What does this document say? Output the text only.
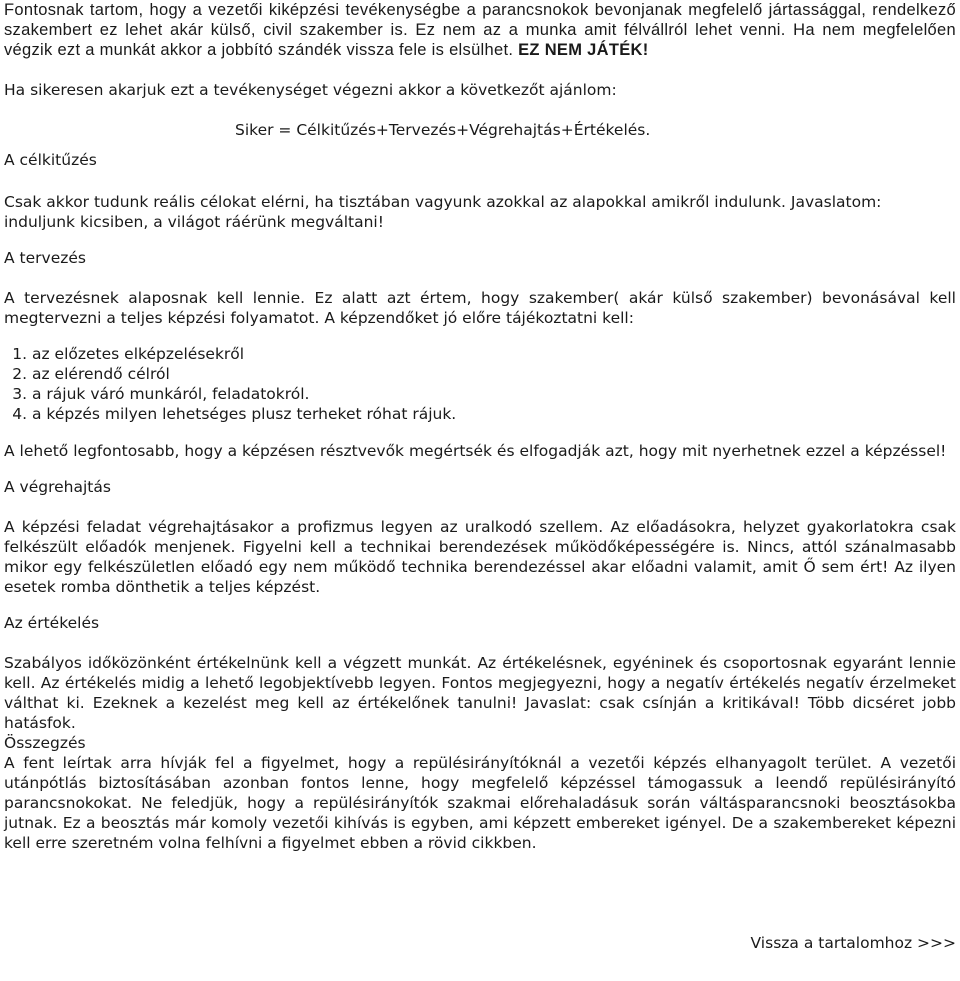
Fontosnak tartom, hogy a vezetői kiképzési tevékenységbe a parancsnokok bevonjanak megfelelő jártassággal, rendelkező szakembert ez lehet akár külső, civil szakember is. Ez nem az a munka amit félvállról lehet venni. Ha nem megfelelően végzik ezt a munkát akkor a jobbító szándék vissza fele is elsülhet. EZ NEM JÁTÉK!

Ha sikeresen akarjuk ezt a tevékenységet végezni akkor a következőt ajánlom:

Siker = Célkitűzés+Tervezés+Végrehajtás+Értékelés.

A célkitűzés

Csak akkor tudunk reális célokat elérni, ha tisztában vagyunk azokkal az alapokkal amikről indulunk. Javaslatom: induljunk kicsiben, a világot ráérünk megváltani!

A tervezés

A tervezésnek alaposnak kell lennie. Ez alatt azt értem, hogy szakember( akár külső szakember) bevonásával kell megtervezni a teljes képzési folyamatot. A képzendőket jó előre tájékoztatni kell:

1. az előzetes elképzelésekről
2. az elérendő célról
3. a rájuk váró munkáról, feladatokról.
4. a képzés milyen lehetséges plusz terheket róhat rájuk.

A lehető legfontosabb, hogy a képzésen résztvevők megértsék és elfogadják azt, hogy mit nyerhetnek ezzel a képzéssel!

A végrehajtás

A képzési feladat végrehajtásakor a profizmus legyen az uralkodó szellem. Az előadásokra, helyzet gyakorlatokra csak felkészült előadók menjenek. Figyelni kell a technikai berendezések működőképességére is. Nincs, attól szánalmasabb mikor egy felkészületlen előadó egy nem működő technika berendezéssel akar előadni valamit, amit Ő sem ért! Az ilyen esetek romba dönthetik a teljes képzést.

Az értékelés

Szabályos időközönként értékelnünk kell a végzett munkát. Az értékelésnek, egyéninek és csoportosnak egyaránt lennie kell. Az értékelés midig a lehető legobjektívebb legyen. Fontos megjegyezni, hogy a negatív értékelés negatív érzelmeket válthat ki. Ezeknek a kezelést meg kell az értékelőnek tanulni! Javaslat: csak csínján a kritikával! Több dicséret jobb hatásfok.

Összegzés

A fent leírtak arra hívják fel a figyelmet, hogy a repülésirányítóknál a vezetői képzés elhanyagolt terület. A vezetői utánpótlás biztosításában azonban fontos lenne, hogy megfelelő képzéssel támogassuk a leendő repülésirányító parancsnokokat. Ne feledjük, hogy a repülésirányítók szakmai előrehaladásuk során váltásparancsnoki beosztásokba jutnak. Ez a beosztás már komoly vezetői kihívás is egyben, ami képzett embereket igényel. De a szakembereket képezni kell erre szeretném volna felhívni a figyelmet ebben a rövid cikkben.

Vissza a tartalomhoz >>>
